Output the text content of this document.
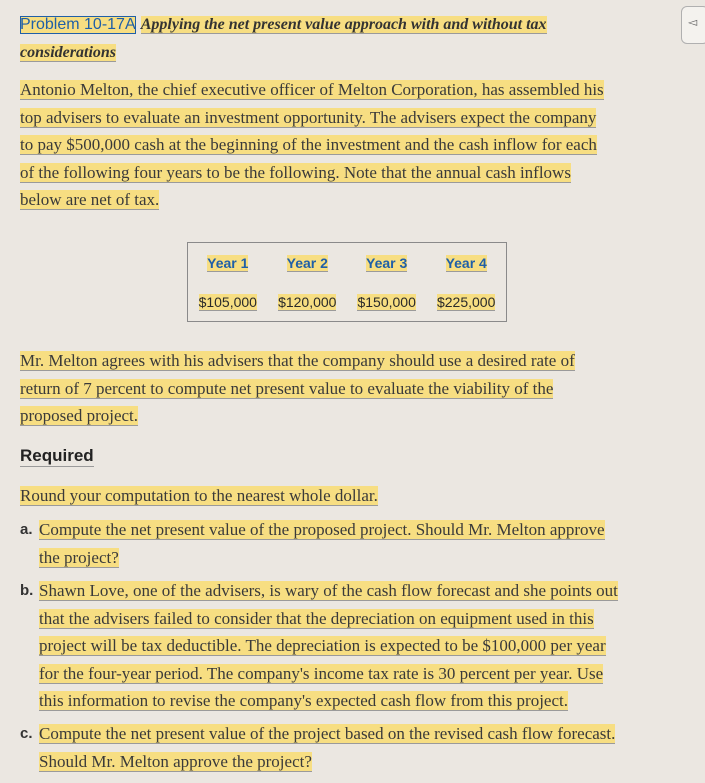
◅
Problem 10-17A Applying the net present value approach with and without tax considerations
Antonio Melton, the chief executive officer of Melton Corporation, has assembled his
top advisers to evaluate an investment opportunity. The advisers expect the company
to pay $500,000 cash at the beginning of the investment and the cash inflow for each
of the following four years to be the following. Note that the annual cash inflows
below are net of tax.
Year 1	Year 2	Year 3	Year 4
$105,000	$120,000	$150,000	$225,000
Mr. Melton agrees with his advisers that the company should use a desired rate of
return of 7 percent to compute net present value to evaluate the viability of the
proposed project.
Required
Round your computation to the nearest whole dollar.
a. Compute the net present value of the proposed project. Should Mr. Melton approve
the project?
b. Shawn Love, one of the advisers, is wary of the cash flow forecast and she points out
that the advisers failed to consider that the depreciation on equipment used in this
project will be tax deductible. The depreciation is expected to be $100,000 per year
for the four-year period. The company's income tax rate is 30 percent per year. Use
this information to revise the company's expected cash flow from this project.
c. Compute the net present value of the project based on the revised cash flow forecast.
Should Mr. Melton approve the project?
